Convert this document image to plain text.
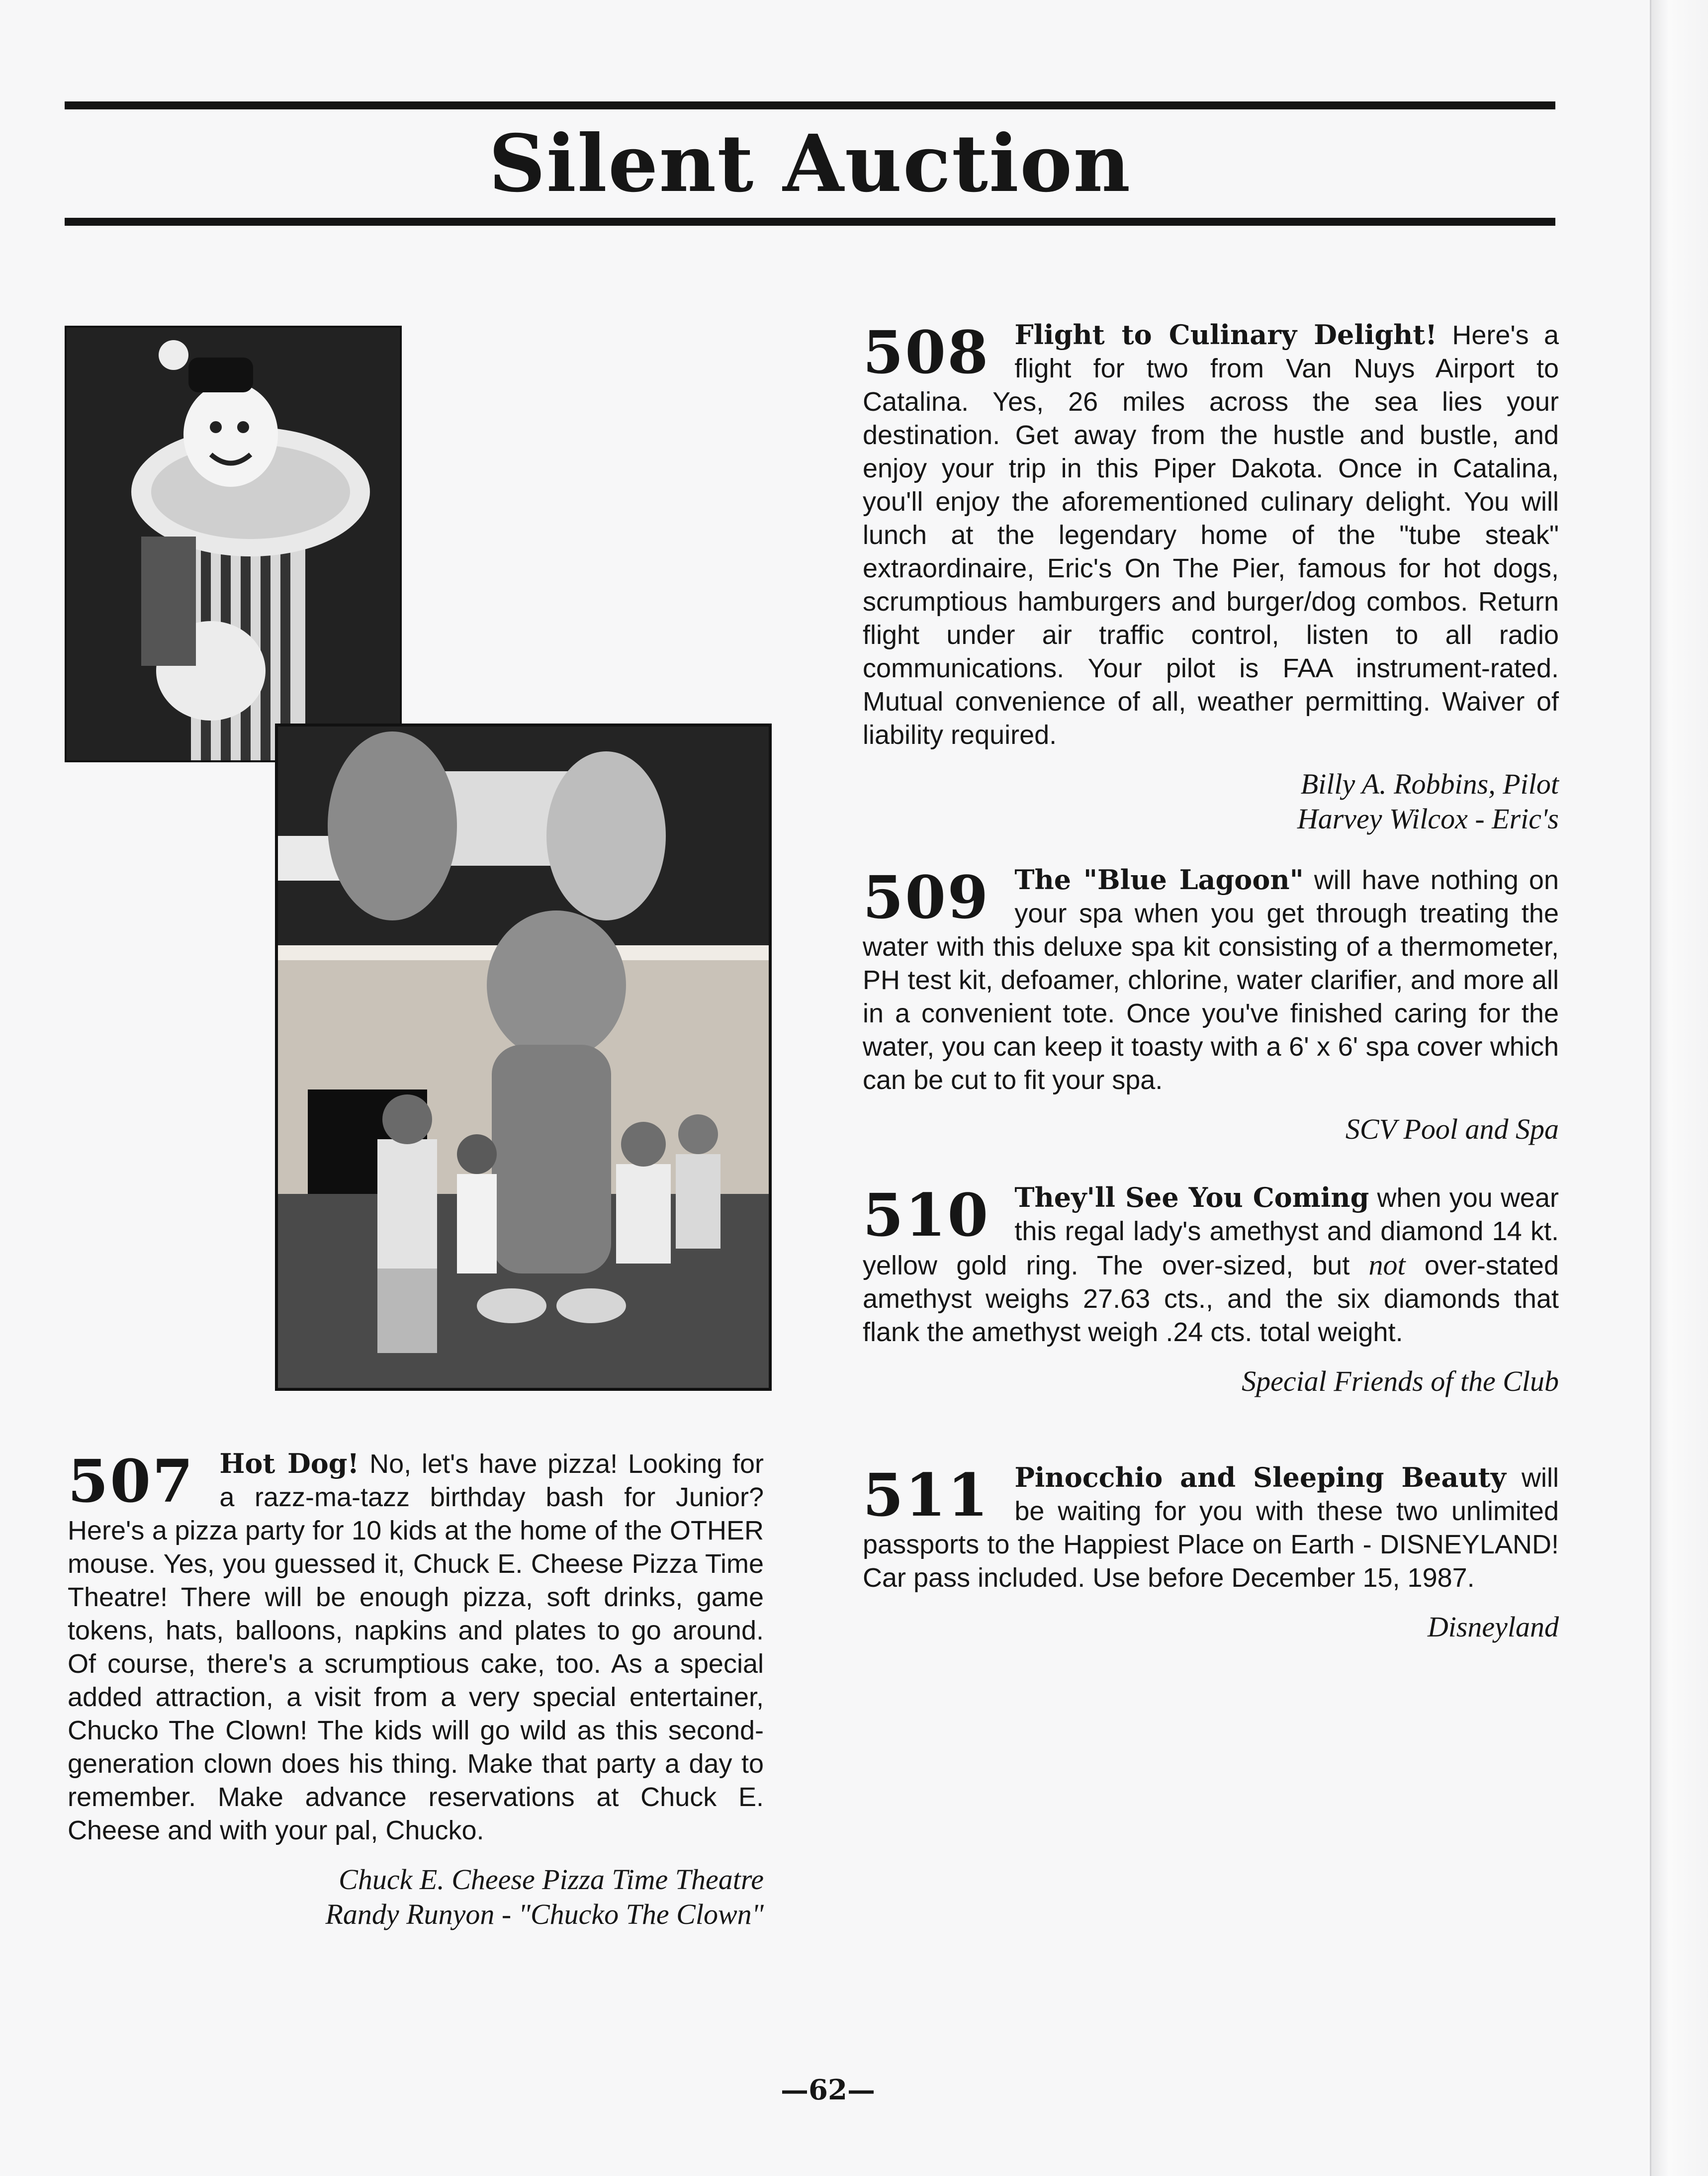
Silent Auction

507 Hot Dog! No, let's have pizza! Looking for a razz-ma-tazz birthday bash for Junior? Here's a pizza party for 10 kids at the home of the OTHER mouse. Yes, you guessed it, Chuck E. Cheese Pizza Time Theatre! There will be enough pizza, soft drinks, game tokens, hats, balloons, napkins and plates to go around. Of course, there's a scrumptious cake, too. As a special added attraction, a visit from a very special entertainer, Chucko The Clown! The kids will go wild as this second-generation clown does his thing. Make that party a day to remember. Make advance reservations at Chuck E. Cheese and with your pal, Chucko.

Chuck E. Cheese Pizza Time Theatre
Randy Runyon - "Chucko The Clown"

508 Flight to Culinary Delight! Here's a flight for two from Van Nuys Airport to Catalina. Yes, 26 miles across the sea lies your destination. Get away from the hustle and bustle, and enjoy your trip in this Piper Dakota. Once in Catalina, you'll enjoy the aforementioned culinary delight. You will lunch at the legendary home of the "tube steak" extraordinaire, Eric's On The Pier, famous for hot dogs, scrumptious hamburgers and burger/dog combos. Return flight under air traffic control, listen to all radio communications. Your pilot is FAA instrument-rated. Mutual convenience of all, weather permitting. Waiver of liability required.

Billy A. Robbins, Pilot
Harvey Wilcox - Eric's

509 The "Blue Lagoon" will have nothing on your spa when you get through treating the water with this deluxe spa kit consisting of a thermometer, PH test kit, defoamer, chlorine, water clarifier, and more all in a convenient tote. Once you've finished caring for the water, you can keep it toasty with a 6' x 6' spa cover which can be cut to fit your spa.

SCV Pool and Spa

510 They'll See You Coming when you wear this regal lady's amethyst and diamond 14 kt. yellow gold ring. The over-sized, but not over-stated amethyst weighs 27.63 cts., and the six diamonds that flank the amethyst weigh .24 cts. total weight.

Special Friends of the Club

511 Pinocchio and Sleeping Beauty will be waiting for you with these two unlimited passports to the Happiest Place on Earth - DISNEYLAND! Car pass included. Use before December 15, 1987.

Disneyland

—62—
